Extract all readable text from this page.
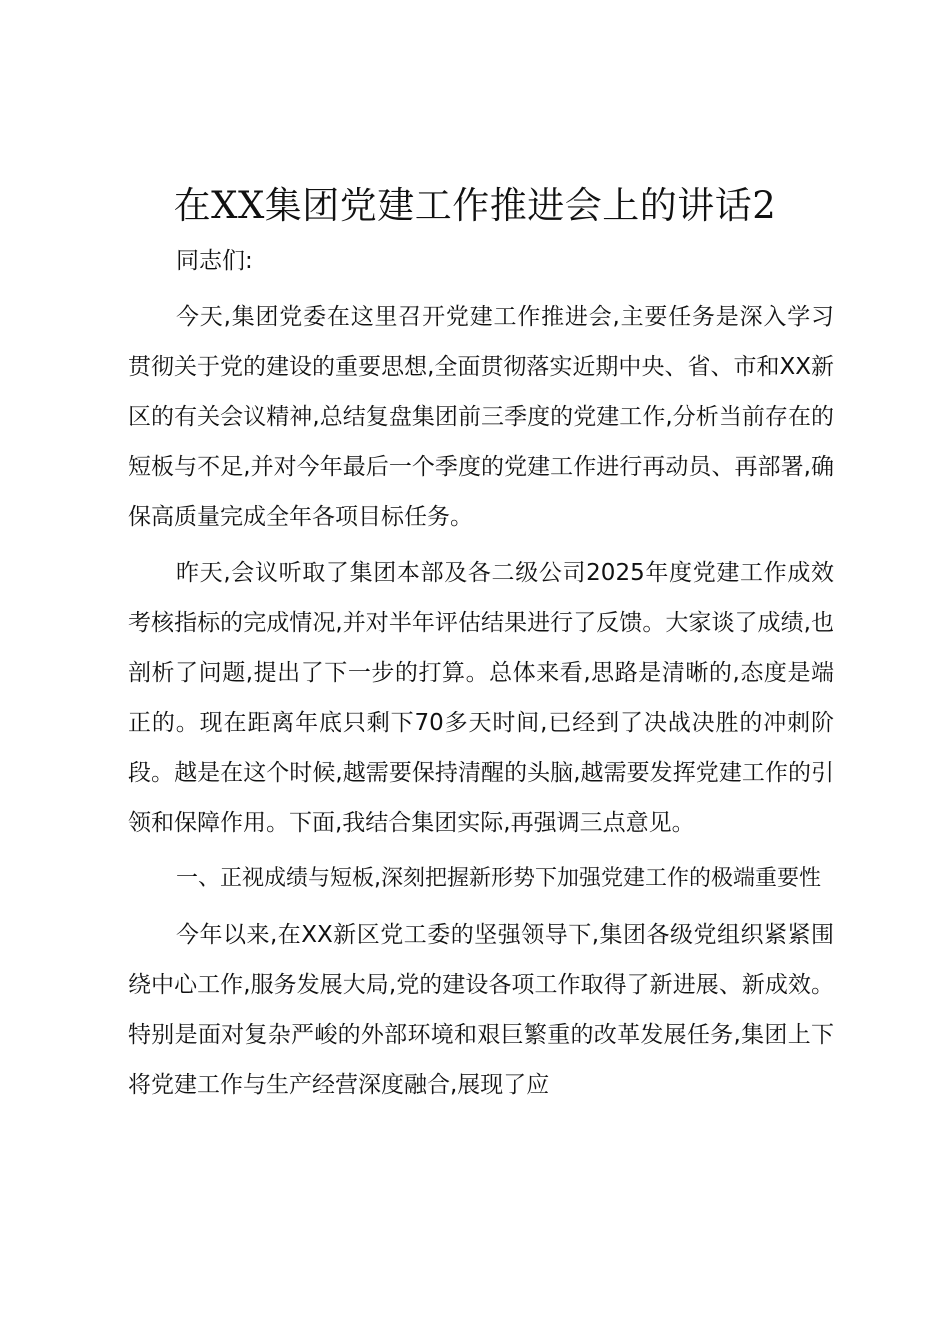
在XX集团党建工作推进会上的讲话2

同志们:

今天,集团党委在这里召开党建工作推进会,主要任务是深入学习贯彻关于党的建设的重要思想,全面贯彻落实近期中央、省、市和XX新区的有关会议精神,总结复盘集团前三季度的党建工作,分析当前存在的短板与不足,并对今年最后一个季度的党建工作进行再动员、再部署,确保高质量完成全年各项目标任务。

昨天,会议听取了集团本部及各二级公司2025年度党建工作成效考核指标的完成情况,并对半年评估结果进行了反馈。大家谈了成绩,也剖析了问题,提出了下一步的打算。总体来看,思路是清晰的,态度是端正的。现在距离年底只剩下70多天时间,已经到了决战决胜的冲刺阶段。越是在这个时候,越需要保持清醒的头脑,越需要发挥党建工作的引领和保障作用。下面,我结合集团实际,再强调三点意见。

一、正视成绩与短板,深刻把握新形势下加强党建工作的极端重要性

今年以来,在XX新区党工委的坚强领导下,集团各级党组织紧紧围绕中心工作,服务发展大局,党的建设各项工作取得了新进展、新成效。特别是面对复杂严峻的外部环境和艰巨繁重的改革发展任务,集团上下将党建工作与生产经营深度融合,展现了应
